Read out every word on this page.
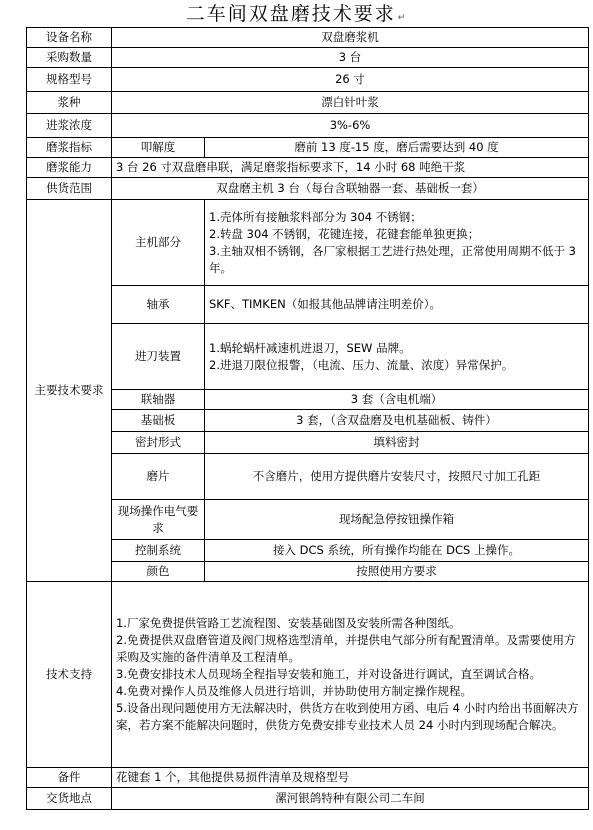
二车间双盘磨技术要求 ↵
设备名称	双盘磨浆机	
采购数量	3 台	
规格型号	26 寸	
浆种	漂白针叶浆	
进浆浓度	3%-6%	
磨浆指标	叩解度	磨前 13 度-15 度，磨后需要达到 40 度
磨浆能力	3 台 26 寸双盘磨串联，满足磨浆指标要求下，14 小时 68 吨绝干浆	
供货范围	双盘磨主机 3 台（每台含联轴器一套、基础板一套）	
主要技术要求	主机部分	1.壳体所有接触浆料部分为 304 不锈钢；
2.转盘 304 不锈钢，花键连接，花键套能单独更换；
3.主轴双相不锈钢，各厂家根据工艺进行热处理，正常使用周期不低于 3 年。

	轴承	SKF、TIMKEN（如报其他品牌请注明差价）。
	进刀装置	1.蜗轮蜗杆减速机进退刀，SEW 品牌。
2.进退刀限位报警，（电流、压力、流量、浓度）异常保护。

	联轴器	3 套（含电机端）
	基础板	3 套，（含双盘磨及电机基础板、铸件）
	密封形式	填料密封
	磨片	不含磨片，使用方提供磨片安装尺寸，按照尺寸加工孔距
	现场操作电气要求	现场配急停按钮操作箱
	控制系统	接入 DCS 系统，所有操作均能在 DCS 上操作。
	颜色	按照使用方要求
技术支持	1.厂家免费提供管路工艺流程图、安装基础图及安装所需各种图纸。
2.免费提供双盘磨管道及阀门规格选型清单，并提供电气部分所有配置清单。及需要使用方采购及实施的备件清单及工程清单。
3.免费安排技术人员现场全程指导安装和施工，并对设备进行调试，直至调试合格。
4.免费对操作人员及维修人员进行培训，并协助使用方制定操作规程。
5.设备出现问题使用方无法解决时，供货方在收到使用方函、电后 4 小时内给出书面解决方案，若方案不能解决问题时，供货方免费安排专业技术人员 24 小时内到现场配合解决。	

备件	花键套 1 个，其他提供易损件清单及规格型号	
交货地点	漯河银鸽特种有限公司二车间	
